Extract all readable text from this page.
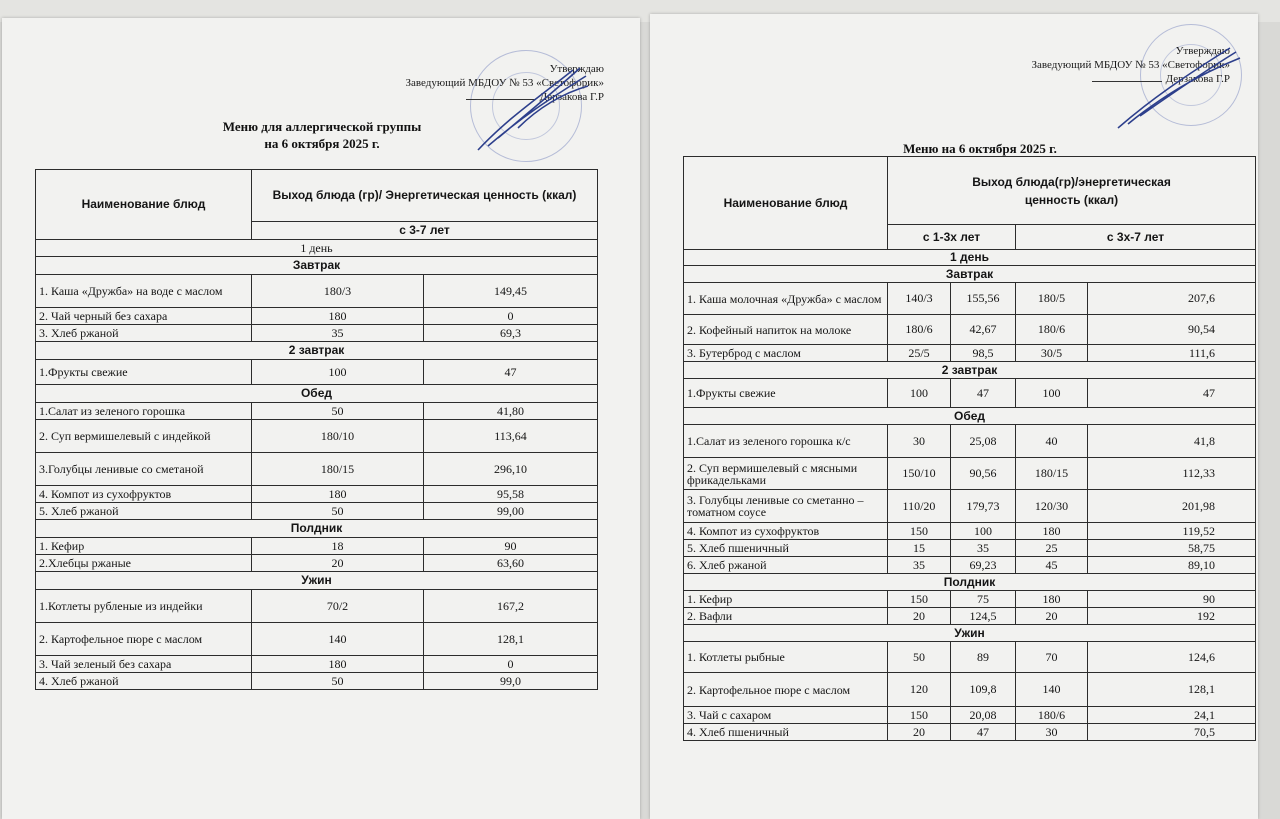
Утверждаю
Заведующий МБДОУ № 53 «Светофорик»
Дерзакова Г.Р
Меню для аллергической группы
на 6 октября 2025 г.
Наименование блюд	Выход блюда (гр)/ Энергетическая ценность (ккал)	
	с 3-7 лет	
1 день		
Завтрак		
1. Каша «Дружба» на воде с маслом	180/3	149,45
2. Чай черный без сахара	180	0
3. Хлеб ржаной	35	69,3
2 завтрак		
1.Фрукты свежие	100	47
Обед		
1.Салат из зеленого горошка	50	41,80
2. Суп вермишелевый с индейкой	180/10	113,64
3.Голубцы ленивые со сметаной	180/15	296,10
4. Компот из сухофруктов	180	95,58
5. Хлеб ржаной	50	99,00
Полдник		
1. Кефир	18	90
2.Хлебцы ржаные	20	63,60
Ужин		
1.Котлеты рубленые из индейки	70/2	167,2
2. Картофельное пюре с маслом	140	128,1
3. Чай зеленый без сахара	180	0
4. Хлеб ржаной	50	99,0
Утверждаю
Заведующий МБДОУ № 53 «Светофорик»
Дерзакова Г.Р
Меню на 6 октября 2025 г.
Наименование блюд	Выход блюда(гр)/энергетическая ценность (ккал)			
	с 1-3х лет		с 3х-7 лет	
1 день				
Завтрак				
1. Каша молочная «Дружба» с маслом	140/3	155,56	180/5	207,6
2. Кофейный напиток на молоке	180/6	42,67	180/6	90,54
3. Бутерброд с маслом	25/5	98,5	30/5	111,6
2 завтрак				
1.Фрукты свежие	100	47	100	47
Обед				
1.Салат из зеленого горошка к/с	30	25,08	40	41,8
2. Суп вермишелевый с мясными фрикадельками	150/10	90,56	180/15	112,33
3. Голубцы ленивые со сметанно –томатном соусе	110/20	179,73	120/30	201,98
4. Компот из сухофруктов	150	100	180	119,52
5. Хлеб пшеничный	15	35	25	58,75
6. Хлеб ржаной	35	69,23	45	89,10
Полдник				
1. Кефир	150	75	180	90
2. Вафли	20	124,5	20	192
Ужин				
1. Котлеты рыбные	50	89	70	124,6
2. Картофельное пюре с маслом	120	109,8	140	128,1
3. Чай с сахаром	150	20,08	180/6	24,1
4. Хлеб пшеничный	20	47	30	70,5
